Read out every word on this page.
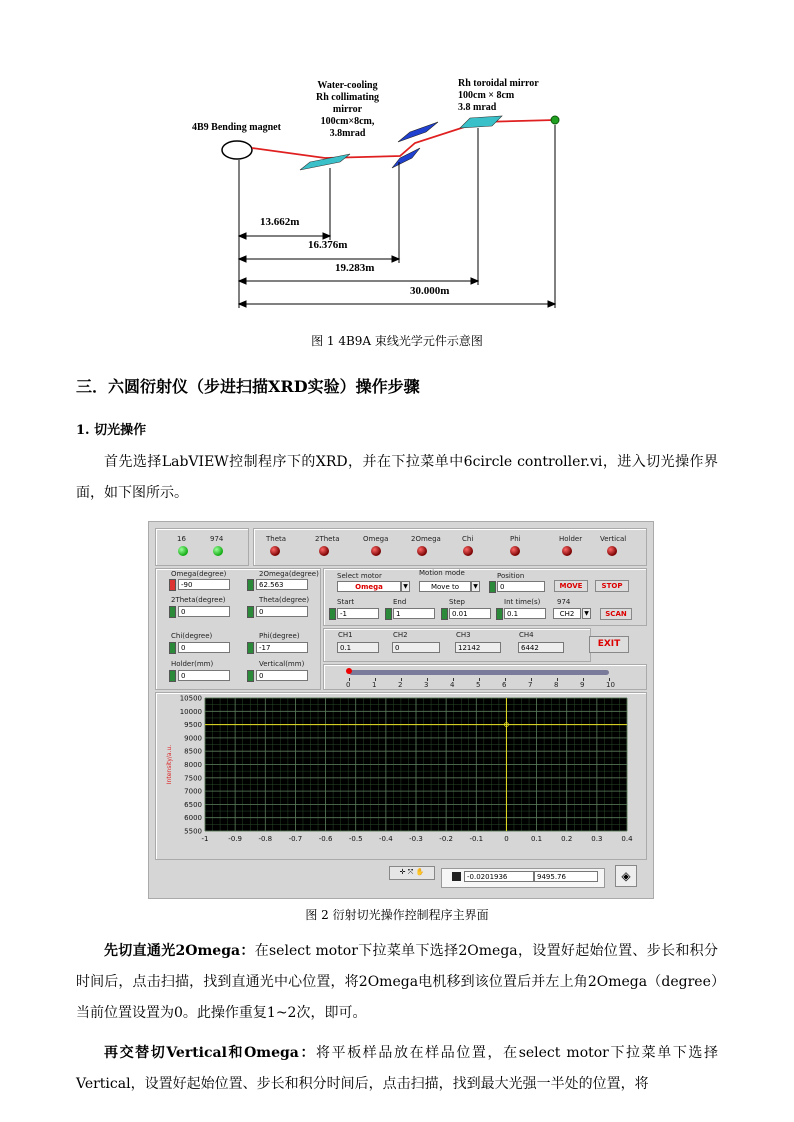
4B9 Bending magnet
Water-cooling
Rh collimating
mirror
100cm×8cm,
3.8mrad
Rh toroidal mirror
100cm × 8cm
3.8 mrad
13.662m
16.376m
19.283m
30.000m
图 1 4B9A 束线光学元件示意图
三．六圆衍射仪（步进扫描XRD实验）操作步骤
1. 切光操作
首先选择LabVIEW控制程序下的XRD，并在下拉菜单中6circle controller.vi，进入切光操作界面，如下图所示。
16	974	Theta	2Theta	Omega	2Omega	Chi	Phi	Holder	Vertical
Omega(degree)
-90
2Omega(degree)
62.563
2Theta(degree)
0
Theta(degree)
0
Chi(degree)
0
Phi(degree)
-17
Holder(mm)
0
Vertical(mm)
0
Select motor
Omega	▼
Motion mode
Move to	▼
Position
0	MOVE	STOP
Start
-1
End
1
Step
0.01
Int time(s)
0.1
974
CH2	▼	SCAN
CH1
0.1
CH2
0
CH3
12142
CH4
6442	EXIT
0	1	2	3	4	5	6	7	8	9	10
-1	-0.9 -0.8 -0.7 -0.6 -0.5 -0.4 -0.3 -0.2 -0.1	0	0.1	0.2	0.3	0.4
10500
10000
9500
9000
8500
8000
7500
7000
6500
6000
5500
Intensity/a.u.
✛ ⤧ ✋
-0.0201936	9495.76	◈
图 2 衍射切光操作控制程序主界面
先切直通光2Omega：在select motor下拉菜单下选择2Omega，设置好起始位置、步长和积分时间后，点击扫描，找到直通光中心位置，将2Omega电机移到该位置后并左上角2Omega（degree）当前位置设置为0。此操作重复1~2次，即可。
再交替切Vertical和Omega：将平板样品放在样品位置，在select motor下拉菜单下选择Vertical，设置好起始位置、步长和积分时间后，点击扫描，找到最大光强一半处的位置，将
